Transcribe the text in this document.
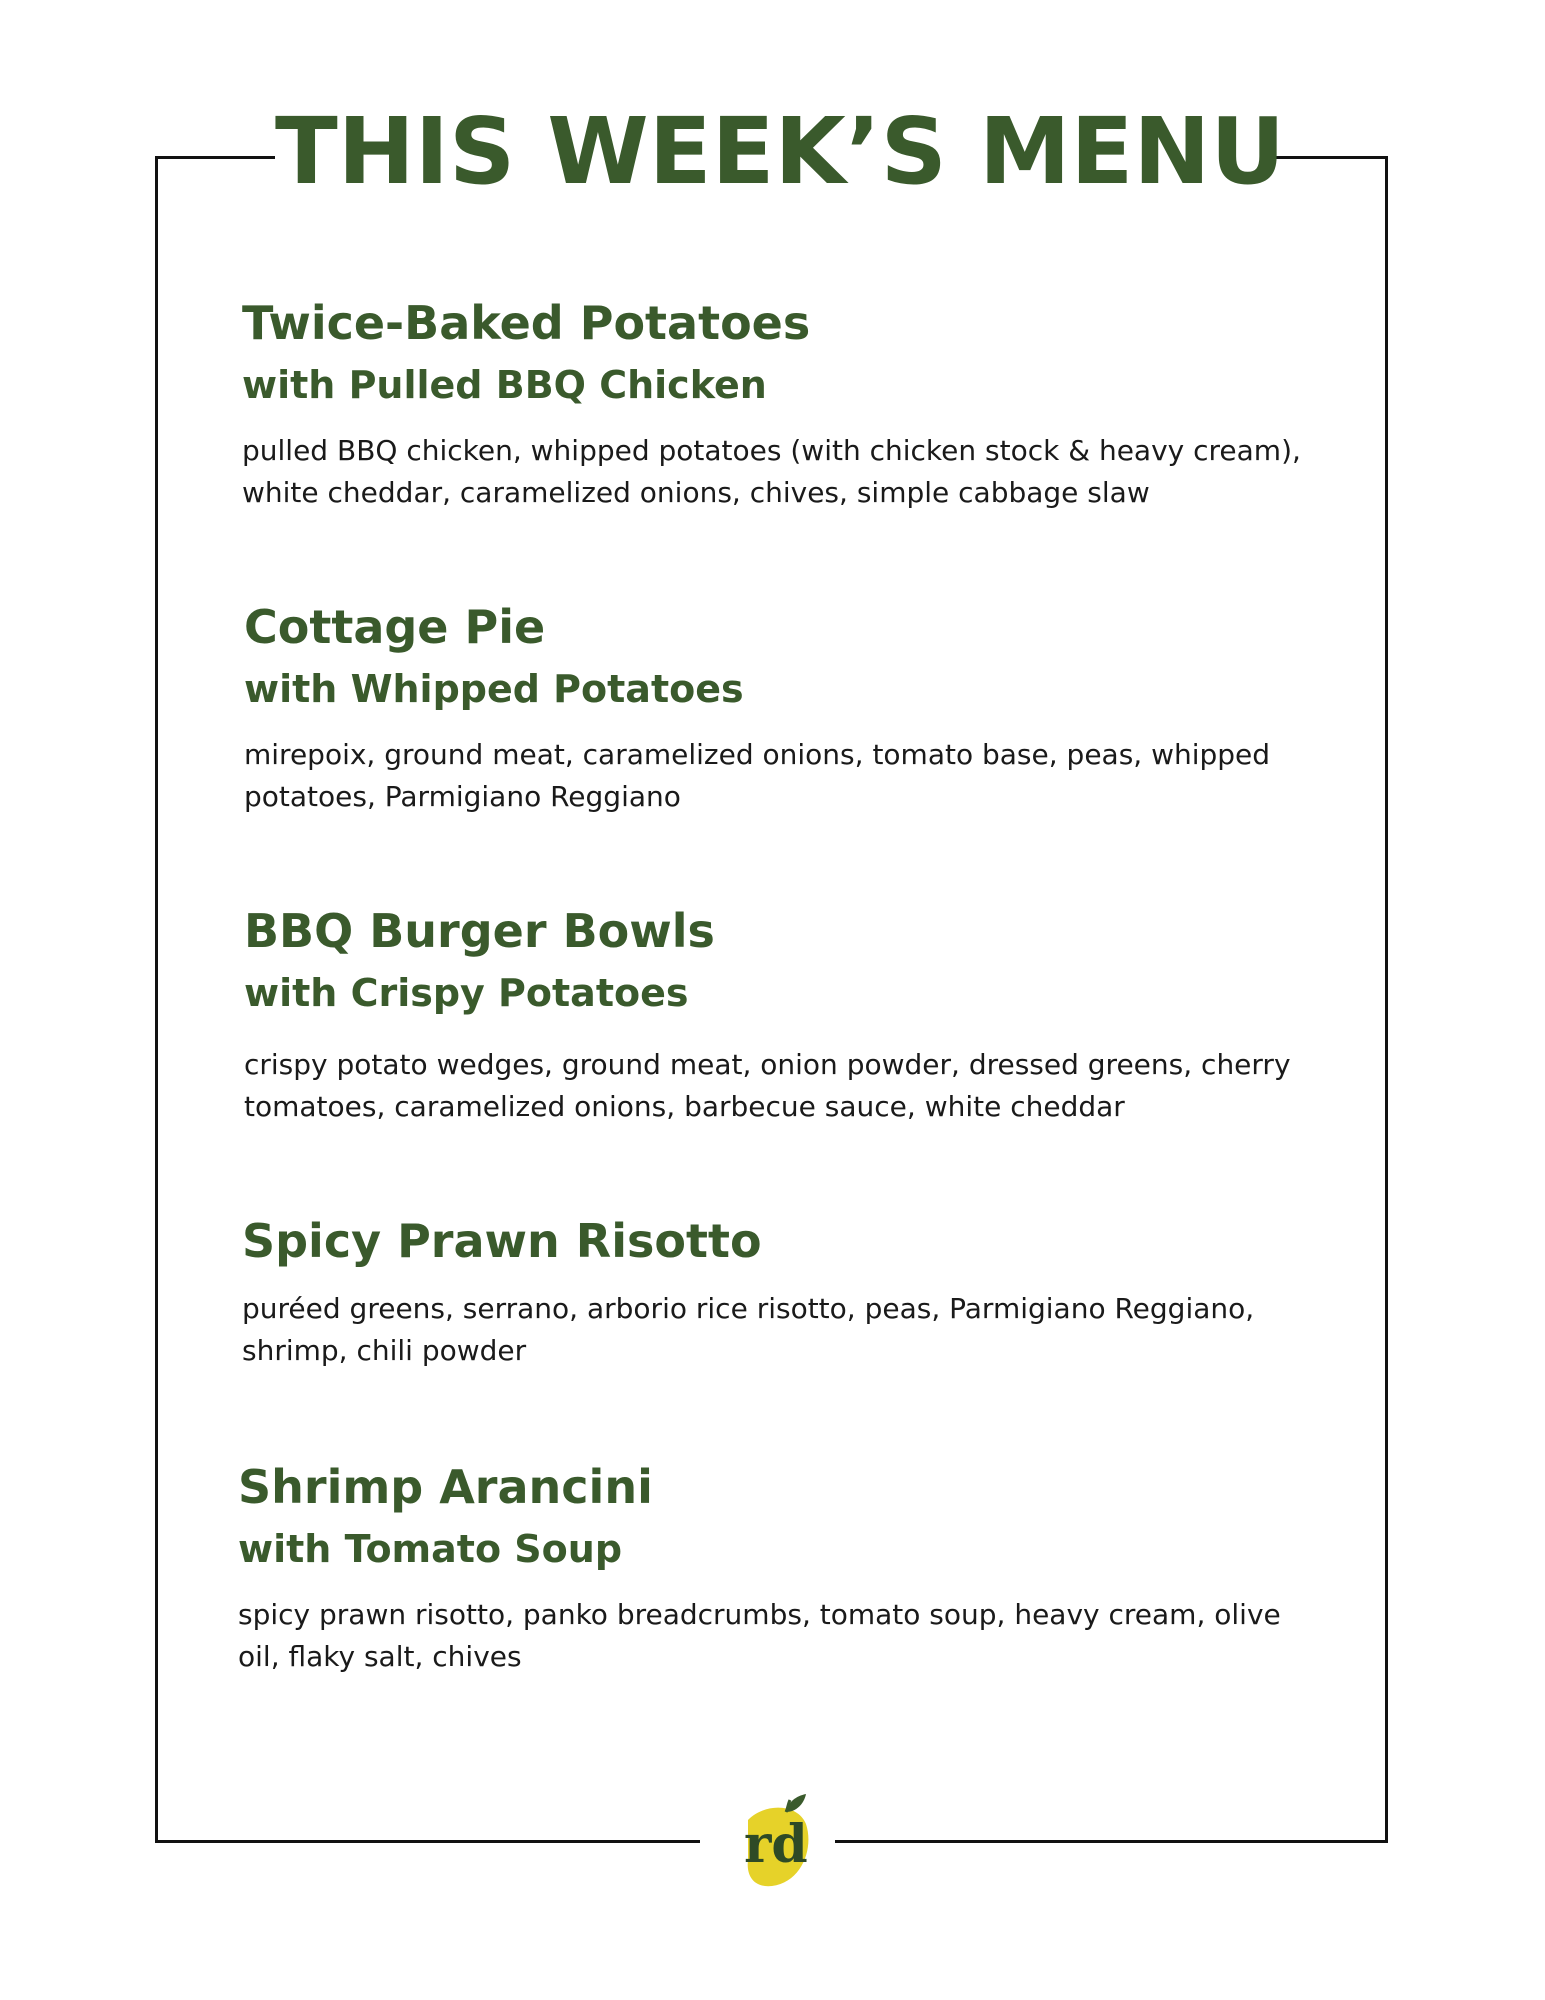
THIS WEEK’S MENU

Twice-Baked Potatoes

with Pulled BBQ Chicken

pulled BBQ chicken, whipped potatoes (with chicken stock & heavy cream), white cheddar, caramelized onions, chives, simple cabbage slaw

Cottage Pie

with Whipped Potatoes

mirepoix, ground meat, caramelized onions, tomato base, peas, whipped potatoes, Parmigiano Reggiano

BBQ Burger Bowls

with Crispy Potatoes

crispy potato wedges, ground meat, onion powder, dressed greens, cherry tomatoes, caramelized onions, barbecue sauce, white cheddar

Spicy Prawn Risotto

puréed greens, serrano, arborio rice risotto, peas, Parmigiano Reggiano, shrimp, chili powder

Shrimp Arancini

with Tomato Soup

spicy prawn risotto, panko breadcrumbs, tomato soup, heavy cream, olive oil, flaky salt, chives

rd
